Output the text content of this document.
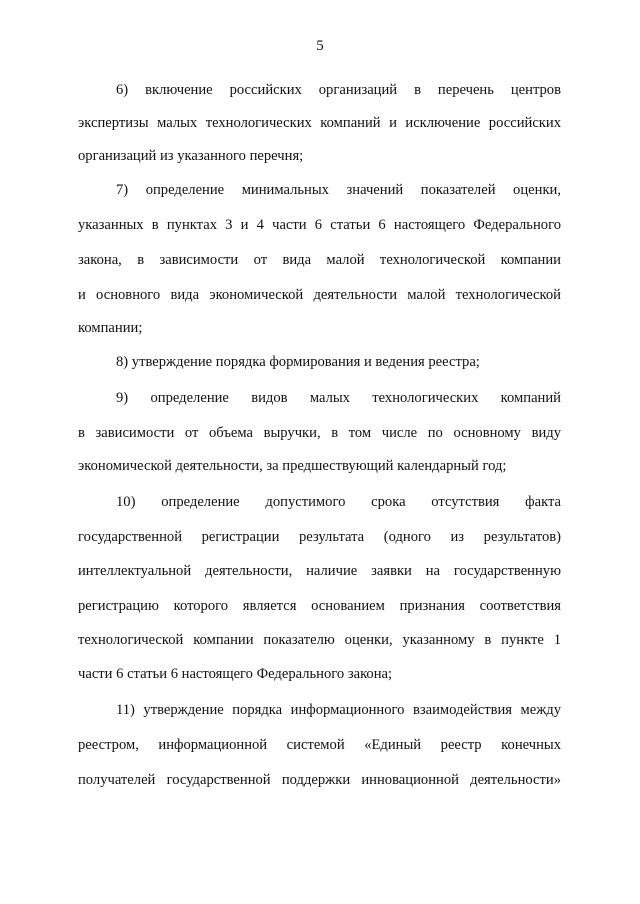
5
6) включение российских организаций в перечень центров
экспертизы малых технологических компаний и исключение российских
организаций из указанного перечня;
7) определение минимальных значений показателей оценки,
указанных в пунктах 3 и 4 части 6 статьи 6 настоящего Федерального
закона, в зависимости от вида малой технологической компании
и основного вида экономической деятельности малой технологической
компании;
8) утверждение порядка формирования и ведения реестра;
9) определение видов малых технологических компаний
в зависимости от объема выручки, в том числе по основному виду
экономической деятельности, за предшествующий календарный год;
10) определение допустимого срока отсутствия факта
государственной регистрации результата (одного из результатов)
интеллектуальной деятельности, наличие заявки на государственную
регистрацию которого является основанием признания соответствия
технологической компании показателю оценки, указанному в пункте 1
части 6 статьи 6 настоящего Федерального закона;
11) утверждение порядка информационного взаимодействия между
реестром, информационной системой «Единый реестр конечных
получателей государственной поддержки инновационной деятельности»
